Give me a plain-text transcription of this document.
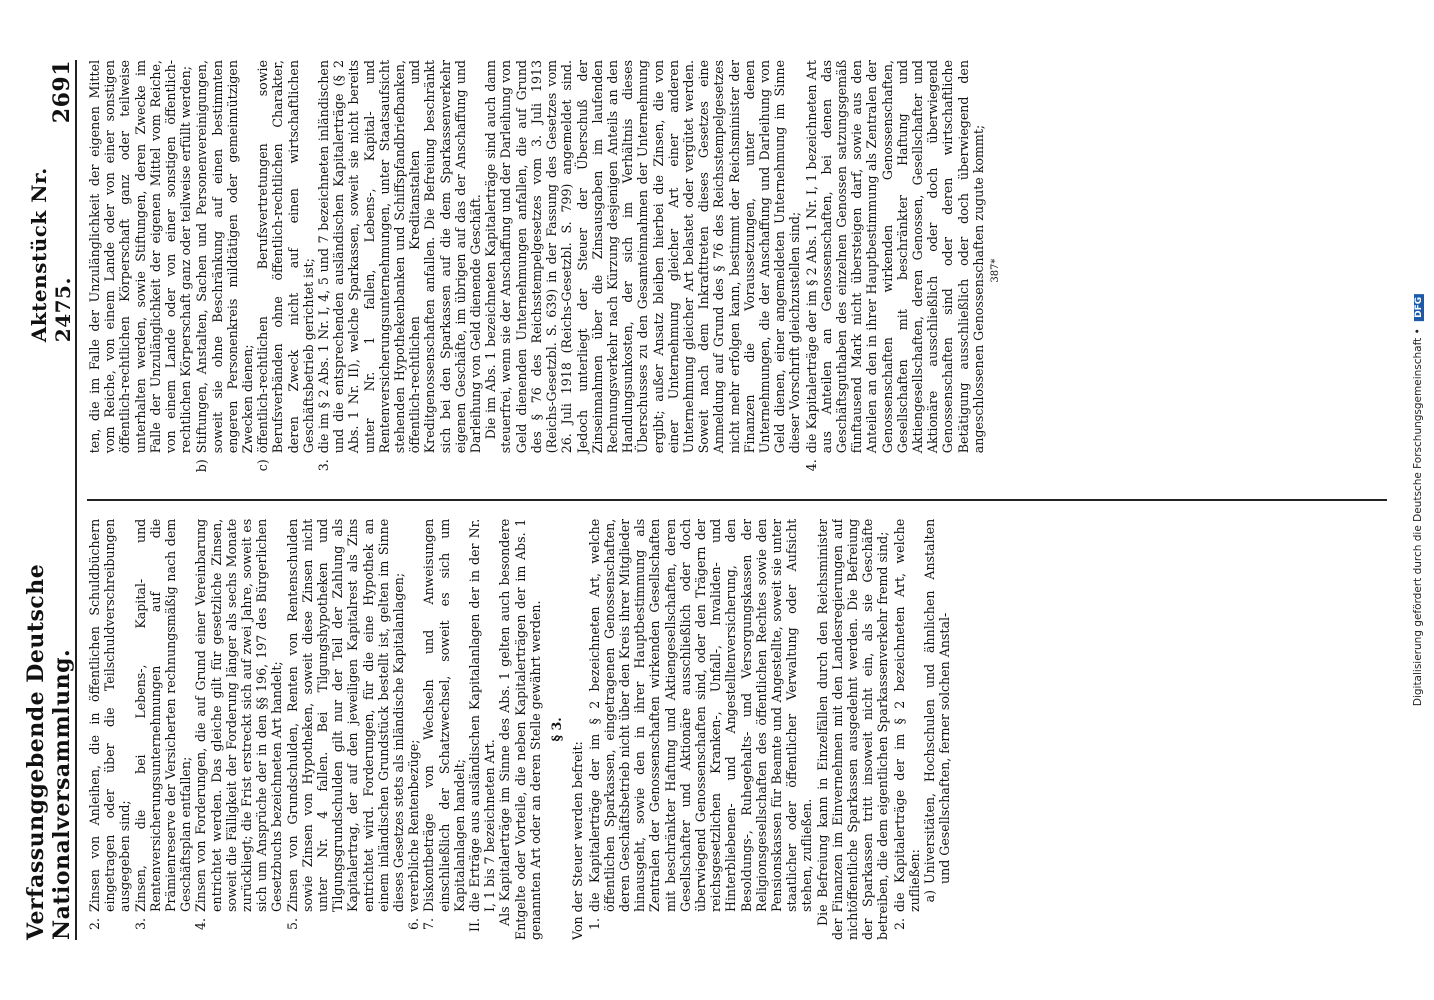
Verfassunggebende Deutsche Nationalversammlung.
Aktenstück Nr. 2475.
2691
2.
Zinsen von Anleihen, die in öffentlichen Schuldbüchern eingetragen oder über die Teilschuldverschreibungen ausgegeben sind;
3.
Zinsen, die bei Lebens-, Kapital- und Rentenversicherungsunternehmungen auf die Prämienreserve der Versicherten rechnungsmäßig nach dem Geschäftsplan entfallen;
4.
Zinsen von Forderungen, die auf Grund einer Vereinbarung entrichtet werden. Das gleiche gilt für gesetzliche Zinsen, soweit die Fälligkeit der Forderung länger als sechs Monate zurückliegt; die Frist erstreckt sich auf zwei Jahre, soweit es sich um Ansprüche der in den §§ 196, 197 des Bürgerlichen Gesetzbuchs bezeichneten Art handelt;
5.
Zinsen von Grundschulden, Renten von Rentenschulden sowie Zinsen von Hypotheken, soweit diese Zinsen nicht unter Nr. 4 fallen. Bei Tilgungshypotheken und Tilgungsgrundschulden gilt nur der Teil der Zahlung als Kapitalertrag, der auf den jeweiligen Kapitalrest als Zins entrichtet wird. Forderungen, für die eine Hypothek an einem inländischen Grundstück bestellt ist, gelten im Sinne dieses Gesetzes stets als inländische Kapitalanlagen;
6.
vererbliche Rentenbezüge;
7.
Diskontbeträge von Wechseln und Anweisungen einschließlich der Schatzwechsel, soweit es sich um Kapitalanlagen handelt;
II.
die Erträge aus ausländischen Kapitalanlagen der in der Nr. I, 1 bis 7 bezeichneten Art. Als Kapitalerträge im Sinne des Abs. 1 gelten auch besondere Entgelte oder Vorteile, die neben Kapitalerträgen der im Abs. 1 genannten Art oder an deren Stelle gewährt werden. § 3.

Von der Steuer werden befreit: 1.
die Kapitalerträge der im § 2 bezeichneten Art, welche öffentlichen Sparkassen, eingetragenen Genossenschaften, deren Geschäftsbetrieb nicht über den Kreis ihrer Mitglieder hinausgeht, sowie den in ihrer Hauptbestimmung als Zentralen der Genossenschaften wirkenden Gesellschaften mit beschränkter Haftung und Aktiengesellschaften, deren Gesellschafter und Aktionäre ausschließlich oder doch überwiegend Genossenschaften sind, oder den Trägern der reichsgesetzlichen Kranken-, Unfall-, Invaliden- und Hinterbliebenen- und Angestelltenversicherung, den Besoldungs-, Ruhegehalts- und Versorgungskassen der Religionsgesellschaften des öffentlichen Rechtes sowie den Pensionskassen für Beamte und Angestellte, soweit sie unter staatlicher oder öffentlicher Verwaltung oder Aufsicht stehen, zufließen. Die Befreiung kann in Einzelfällen durch den Reichsminister der Finanzen im Einvernehmen mit den Landesregierungen auf nichtöffentliche Sparkassen ausgedehnt werden. Die Befreiung der Sparkassen tritt insoweit nicht ein, als sie Geschäfte betreiben, die dem eigentlichen Sparkassenverkehr fremd sind; 2.
die Kapitalerträge der im § 2 bezeichneten Art, welche zufließen: a)
Universitäten, Hochschulen und ähnlichen Anstalten und Gesellschaften, ferner solchen Anstal-

ten, die im Falle der Unzulänglichkeit der eigenen Mittel vom Reiche, von einem Lande oder von einer sonstigen öffentlich-rechtlichen Körperschaft ganz oder teilweise unterhalten werden, sowie Stiftungen, deren Zwecke im Falle der Unzulänglichkeit der eigenen Mittel vom Reiche, von einem Lande oder von einer sonstigen öffentlich-rechtlichen Körperschaft ganz oder teilweise erfüllt werden;

b)
Stiftungen, Anstalten, Sachen und Personenvereinigungen, soweit sie ohne Beschränkung auf einen bestimmten engeren Personenkreis mildtätigen oder gemeinnützigen Zwecken dienen;
c)
öffentlich-rechtlichen Berufsvertretungen sowie Berufsverbänden ohne öffentlich-rechtlichen Charakter, deren Zweck nicht auf einen wirtschaftlichen Geschäftsbetrieb gerichtet ist;
3.
die im § 2 Abs. 1 Nr. I, 4, 5 und 7 bezeichneten inländischen und die entsprechenden ausländischen Kapitalerträge (§ 2 Abs. 1 Nr. II), welche Sparkassen, soweit sie nicht bereits unter Nr. 1 fallen, Lebens-, Kapital- und Rentenversicherungsunternehmungen, unter Staatsaufsicht stehenden Hypothekenbanken und Schiffspfandbriefbanken, öffentlich-rechtlichen Kreditanstalten und Kreditgenossenschaften anfallen. Die Befreiung beschränkt sich bei den Sparkassen auf die dem Sparkassenverkehr eigenen Geschäfte, im übrigen auf das der Anschaffung und Darleihung von Geld dienende Geschäft. Die im Abs. 1 bezeichneten Kapitalerträge sind auch dann steuerfrei, wenn sie der Anschaffung und der Darleihung von Geld dienenden Unternehmungen anfallen, die auf Grund des § 76 des Reichsstempelgesetzes vom 3. Juli 1913 (Reichs-Gesetzbl. S. 639) in der Fassung des Gesetzes vom 26. Juli 1918 (Reichs-Gesetzbl. S. 799) angemeldet sind. Jedoch unterliegt der Steuer der Überschuß der Zinseinnahmen über die Zinsausgaben im laufenden Rechnungsverkehr nach Kürzung desjenigen Anteils an den Handlungsunkosten, der sich im Verhältnis dieses Überschusses zu den Gesamteinnahmen der Unternehmung ergibt; außer Ansatz bleiben hierbei die Zinsen, die von einer Unternehmung gleicher Art einer anderen Unternehmung gleicher Art belastet oder vergütet werden. Soweit nach dem Inkrafttreten dieses Gesetzes eine Anmeldung auf Grund des § 76 des Reichsstempelgesetzes nicht mehr erfolgen kann, bestimmt der Reichsminister der Finanzen die Voraussetzungen, unter denen Unternehmungen, die der Anschaffung und Darleihung von Geld dienen, einer angemeldeten Unternehmung im Sinne dieser Vorschrift gleichzustellen sind;

4.
die Kapitalerträge der im § 2 Abs. 1 Nr. I, 1 bezeichneten Art aus Anteilen an Genossenschaften, bei denen das Geschäftsguthaben des einzelnen Genossen satzungsgemäß fünftausend Mark nicht übersteigen darf, sowie aus den Anteilen an den in ihrer Hauptbestimmung als Zentralen der Genossenschaften wirkenden Genossenschaften, Gesellschaften mit beschränkter Haftung und Aktiengesellschaften, deren Genossen, Gesellschafter und Aktionäre ausschließlich oder doch überwiegend Genossenschaften sind oder deren wirtschaftliche Betätigung ausschließlich oder doch überwiegend den angeschlossenen Genossenschaften zugute kommt; 387*
Digitalisierung gefördert durch die Deutsche Forschungsgemeinschaft • DFG
